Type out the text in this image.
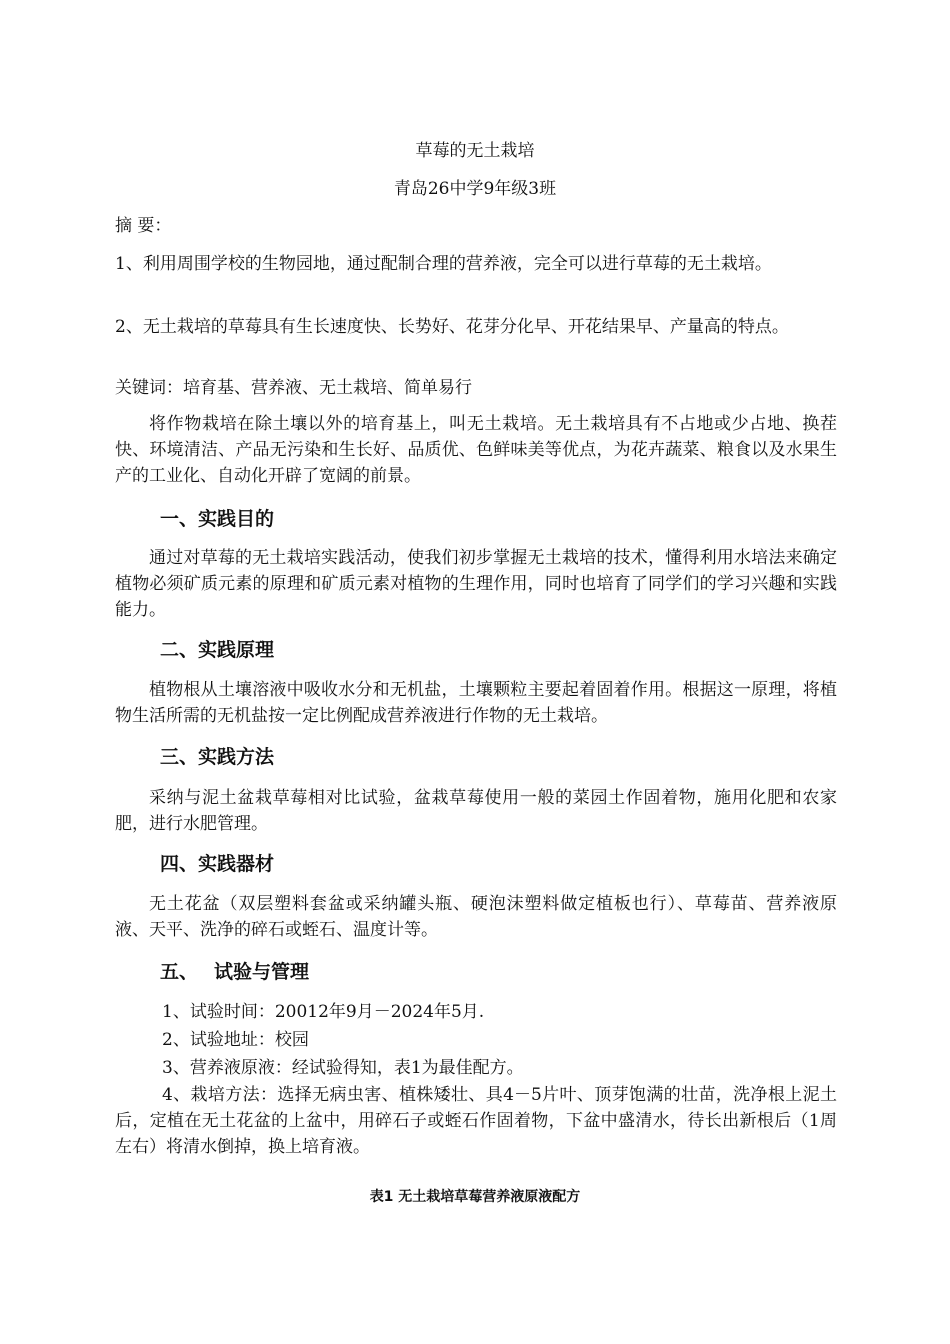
草莓的无土栽培
青岛26中学9年级3班
摘 要：
1、利用周围学校的生物园地，通过配制合理的营养液，完全可以进行草莓的无土栽培。
2、无土栽培的草莓具有生长速度快、长势好、花芽分化早、开花结果早、产量高的特点。
关键词：培育基、营养液、无土栽培、简单易行
将作物栽培在除土壤以外的培育基上，叫无土栽培。无土栽培具有不占地或少占地、换茬快、环境清洁、产品无污染和生长好、品质优、色鲜味美等优点，为花卉蔬菜、粮食以及水果生产的工业化、自动化开辟了宽阔的前景。
一、实践目的
通过对草莓的无土栽培实践活动，使我们初步掌握无土栽培的技术，懂得利用水培法来确定植物必须矿质元素的原理和矿质元素对植物的生理作用，同时也培育了同学们的学习兴趣和实践能力。
二、实践原理
植物根从土壤溶液中吸收水分和无机盐，土壤颗粒主要起着固着作用。根据这一原理，将植物生活所需的无机盐按一定比例配成营养液进行作物的无土栽培。
三、实践方法
采纳与泥土盆栽草莓相对比试验，盆栽草莓使用一般的菜园土作固着物，施用化肥和农家肥，进行水肥管理。
四、实践器材
无土花盆（双层塑料套盆或采纳罐头瓶、硬泡沫塑料做定植板也行）、草莓苗、营养液原液、天平、洗净的碎石或蛭石、温度计等。
五、 试验与管理
1、试验时间：20012年9月－2024年5月.
2、试验地址：校园
3、营养液原液：经试验得知，表1为最佳配方。
4、栽培方法：选择无病虫害、植株矮壮、具4－5片叶、顶芽饱满的壮苗，洗净根上泥土后，定植在无土花盆的上盆中，用碎石子或蛭石作固着物，下盆中盛清水，待长出新根后（1周左右）将清水倒掉，换上培育液。
表1 无土栽培草莓营养液原液配方
